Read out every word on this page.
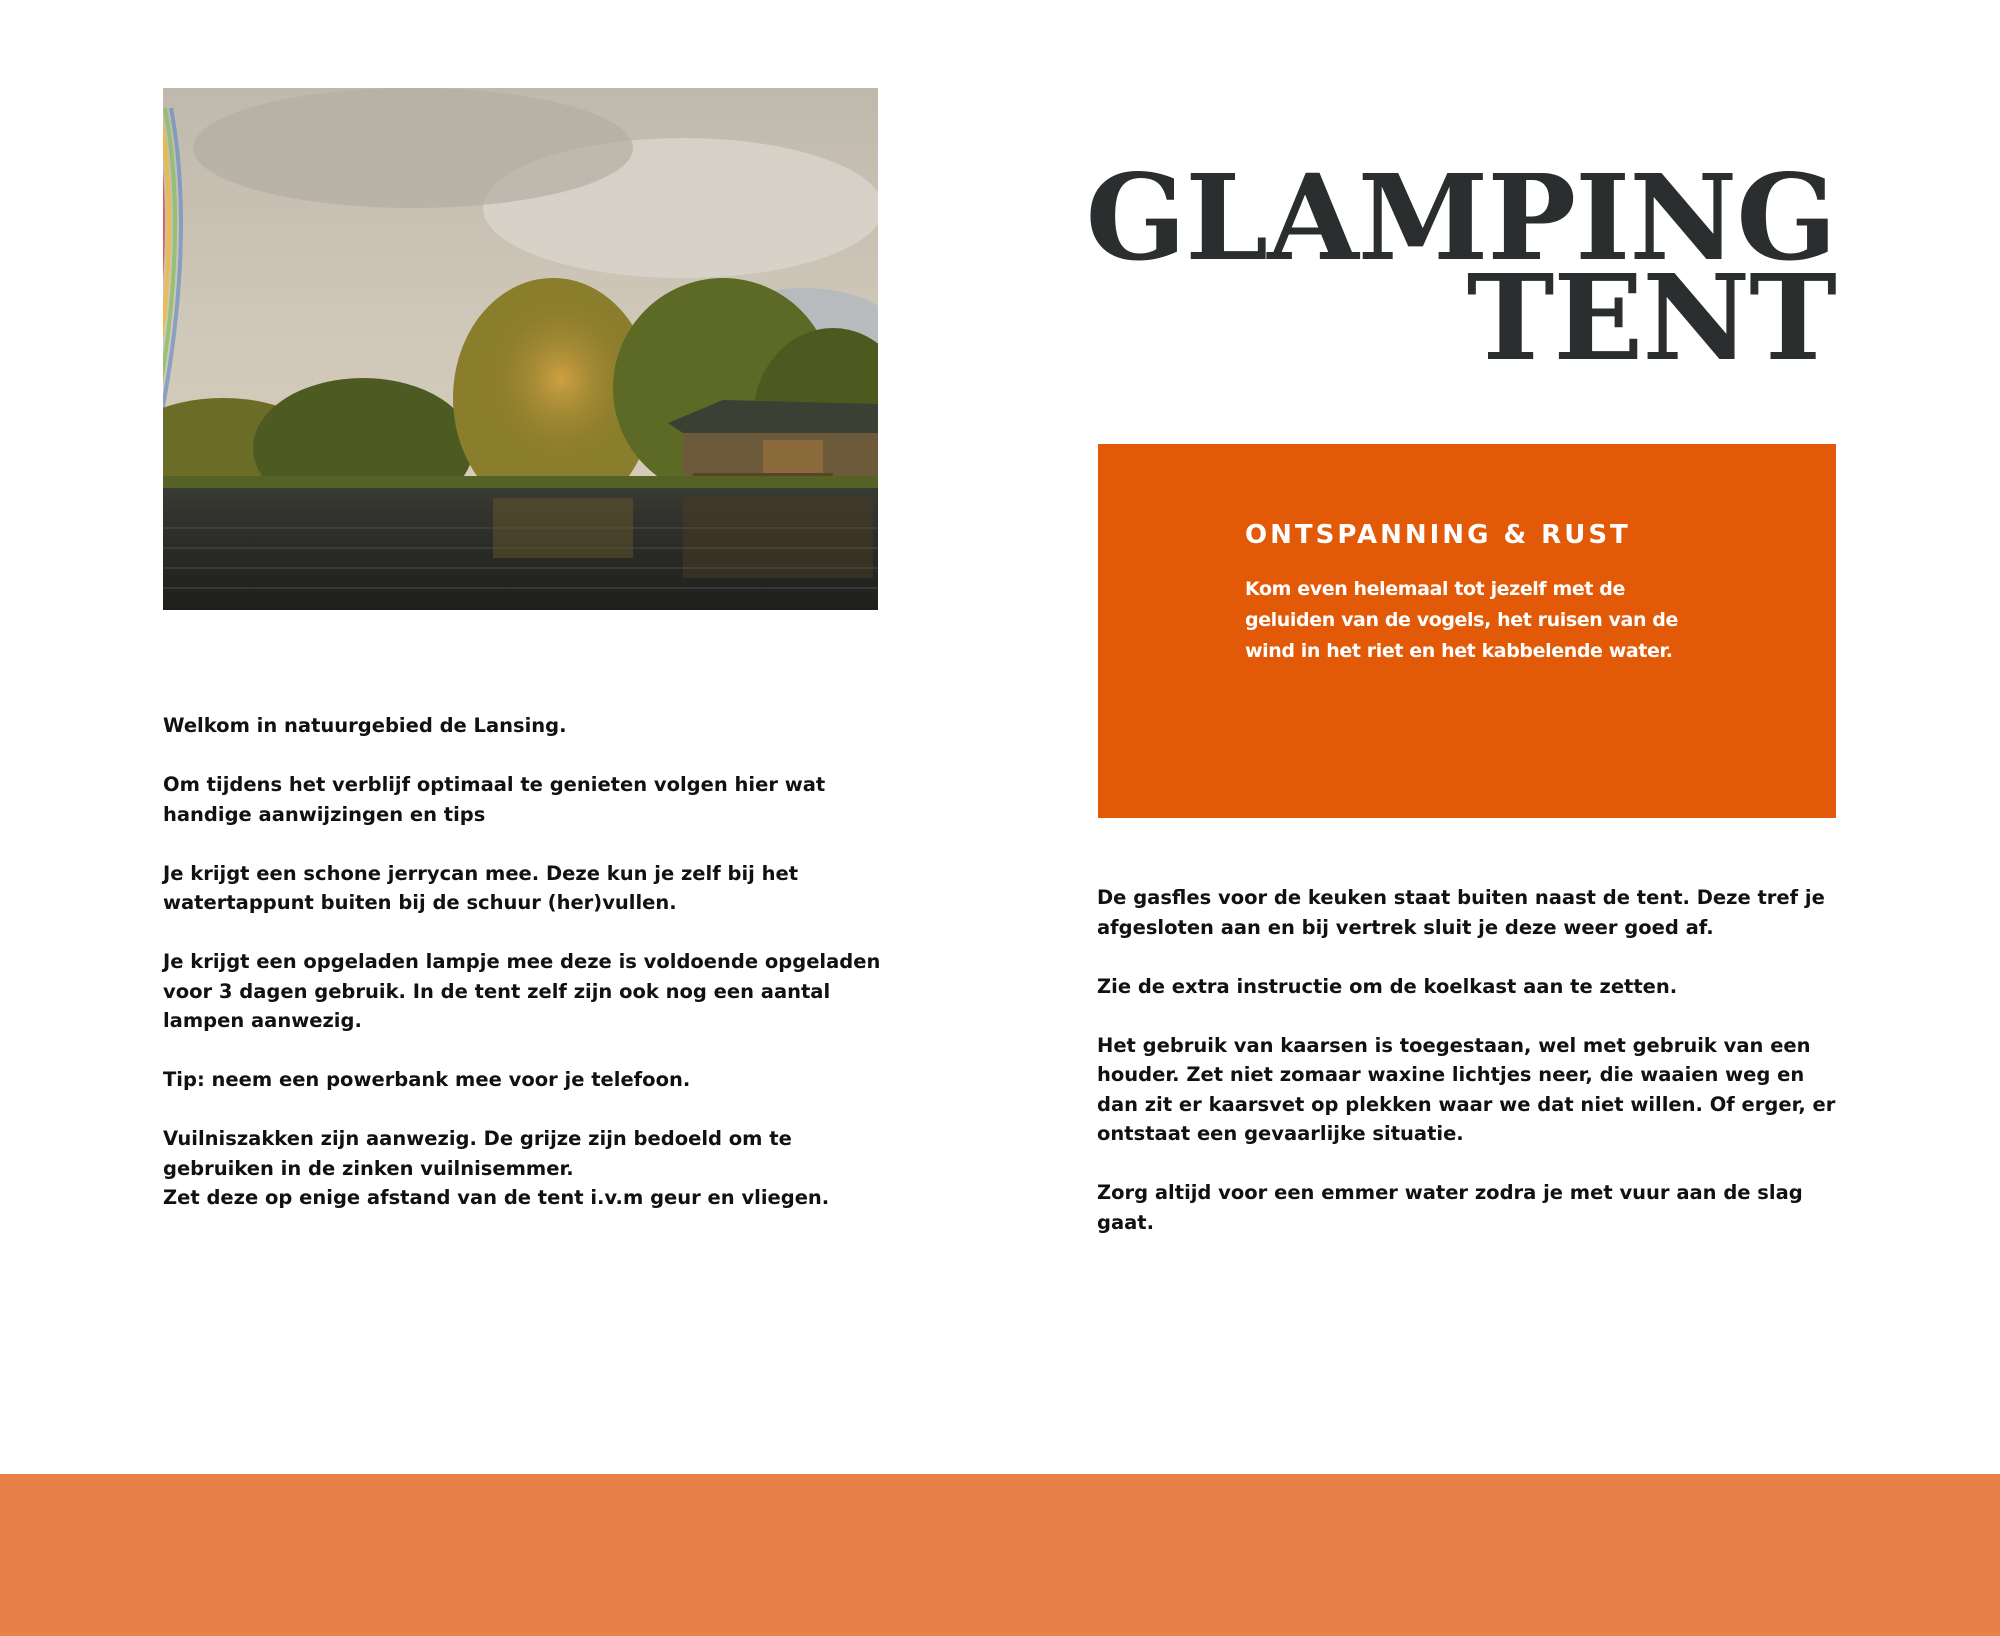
GLAMPING
TENT
ONTSPANNING & RUST

Kom even helemaal tot jezelf met de geluiden van de vogels, het ruisen van de wind in het riet en het kabbelende water.

Welkom in natuurgebied de Lansing.

Om tijdens het verblijf optimaal te genieten volgen hier wat handige aanwijzingen en tips

Je krijgt een schone jerrycan mee. Deze kun je zelf bij het watertappunt buiten bij de schuur (her)vullen.

Je krijgt een opgeladen lampje mee deze is voldoende opgeladen voor 3 dagen gebruik. In de tent zelf zijn ook nog een aantal lampen aanwezig.

Tip: neem een powerbank mee voor je telefoon.

Vuilniszakken zijn aanwezig. De grijze zijn bedoeld om te gebruiken in de zinken vuilnisemmer.
Zet deze op enige afstand van de tent i.v.m geur en vliegen.

De gasfles voor de keuken staat buiten naast de tent. Deze tref je afgesloten aan en bij vertrek sluit je deze weer goed af.

Zie de extra instructie om de koelkast aan te zetten.

Het gebruik van kaarsen is toegestaan, wel met gebruik van een houder. Zet niet zomaar waxine lichtjes neer, die waaien weg en dan zit er kaarsvet op plekken waar we dat niet willen. Of erger, er ontstaat een gevaarlijke situatie.

Zorg altijd voor een emmer water zodra je met vuur aan de slag gaat.
